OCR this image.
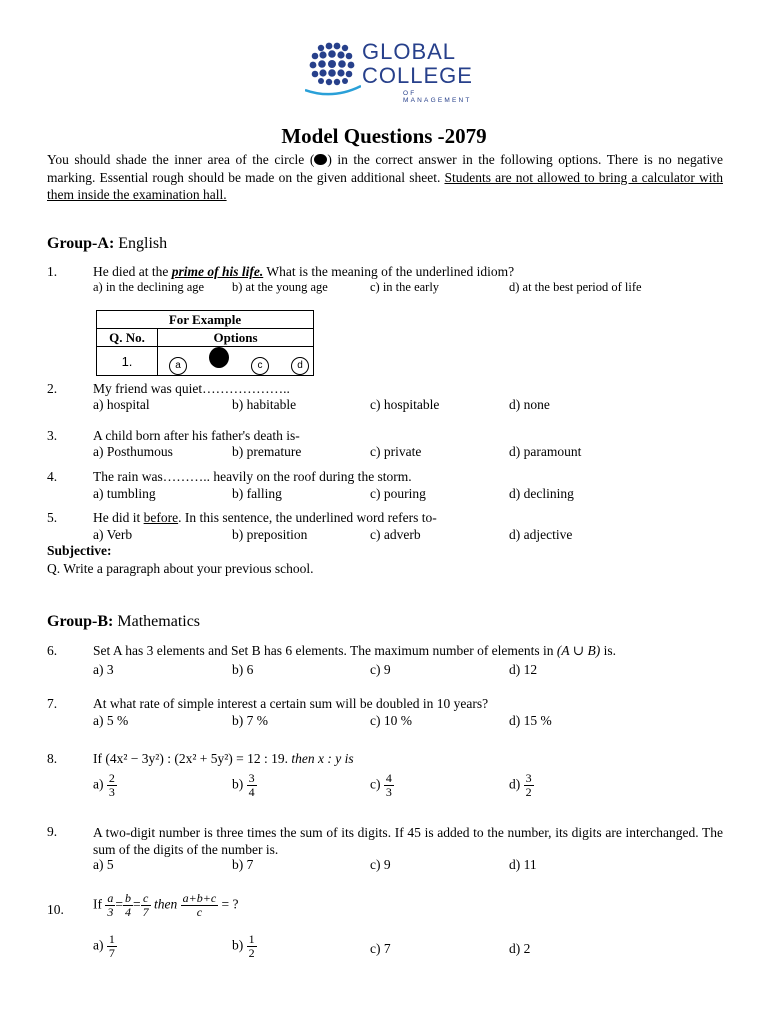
GLOBAL
COLLEGE
OF MANAGEMENT
Model Questions -2079
You should shade the inner area of the circle ( ) in the correct answer in the following options. There is no negative marking. Essential rough should be made on the given additional sheet. Students are not allowed to bring a calculator with them inside the examination hall.
Group-A: English
1.	He died at the prime of his life. What is the meaning of the underlined idiom?
a) in the declining age b) at the young age	c) in the early	d) at the best period of life
For Example	
Q. No.	Options
1.	a c d
2.	My friend was quiet………………..
a) hospital	b) habitable	c) hospitable	d) none
3.	A child born after his father's death is-
a) Posthumous	b) premature	c) private	d) paramount
4.	The rain was……….. heavily on the roof during the storm.
a) tumbling	b) falling	c) pouring	d) declining
5.	He did it before. In this sentence, the underlined word refers to-
a) Verb	b) preposition	c) adverb	d) adjective
Subjective:
Q. Write a paragraph about your previous school.
Group-B: Mathematics
6.	Set A has 3 elements and Set B has 6 elements. The maximum number of elements in (A ∪ B) is.
a) 3	b) 6	c) 9	d) 12
7.	At what rate of simple interest a certain sum will be doubled in 10 years?
a) 5 %	b) 7 %	c) 10 %	d) 15 %
8.	If (4x² − 3y²) : (2x² + 5y²) = 12 : 19. then x : y is
$a) \frac{2}{3}$	$b) \frac{3}{4}$	$c) \frac{4}{3}$	$d) \frac{3}{2}$
9.	A two-digit number is three times the sum of its digits. If 45 is added to the number, its digits are interchanged. The sum of the digits of the number is.
a) 5	b) 7	c) 9	d) 11
10. If $\frac{a}{3} = \frac{b}{4} = \frac{c}{7}$ then $\frac{a+b+c}{c}$ = ?
$a) \frac{1}{7}$	$b) \frac{1}{2}$	c) 7	d) 2
